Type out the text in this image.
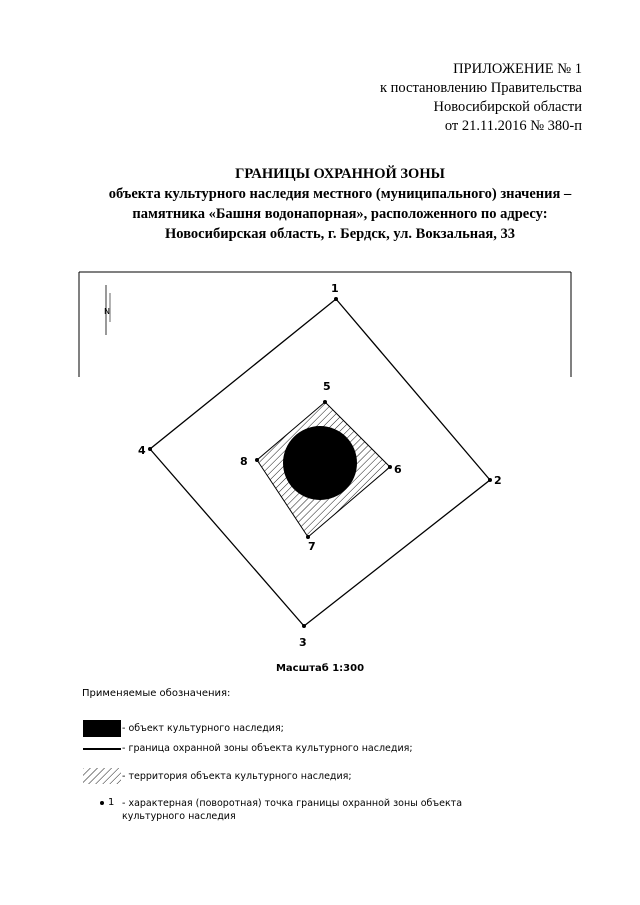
ПРИЛОЖЕНИЕ № 1
к постановлению Правительства
Новосибирской области
от 21.11.2016 № 380-п
ГРАНИЦЫ ОХРАННОЙ ЗОНЫ
объекта культурного наследия местного (муниципального) значения –
памятника «Башня водонапорная», расположенного по адресу:
Новосибирская область, г. Бердск, ул. Вокзальная, 33
N
1
2
3
4
5
6
7
8
Масштаб 1:300
Применяемые обозначения:
- объект культурного наследия;
- граница охранной зоны объекта культурного наследия;
- территория объекта культурного наследия;
1 - характерная (поворотная) точка границы охранной зоны объекта культурного наследия
